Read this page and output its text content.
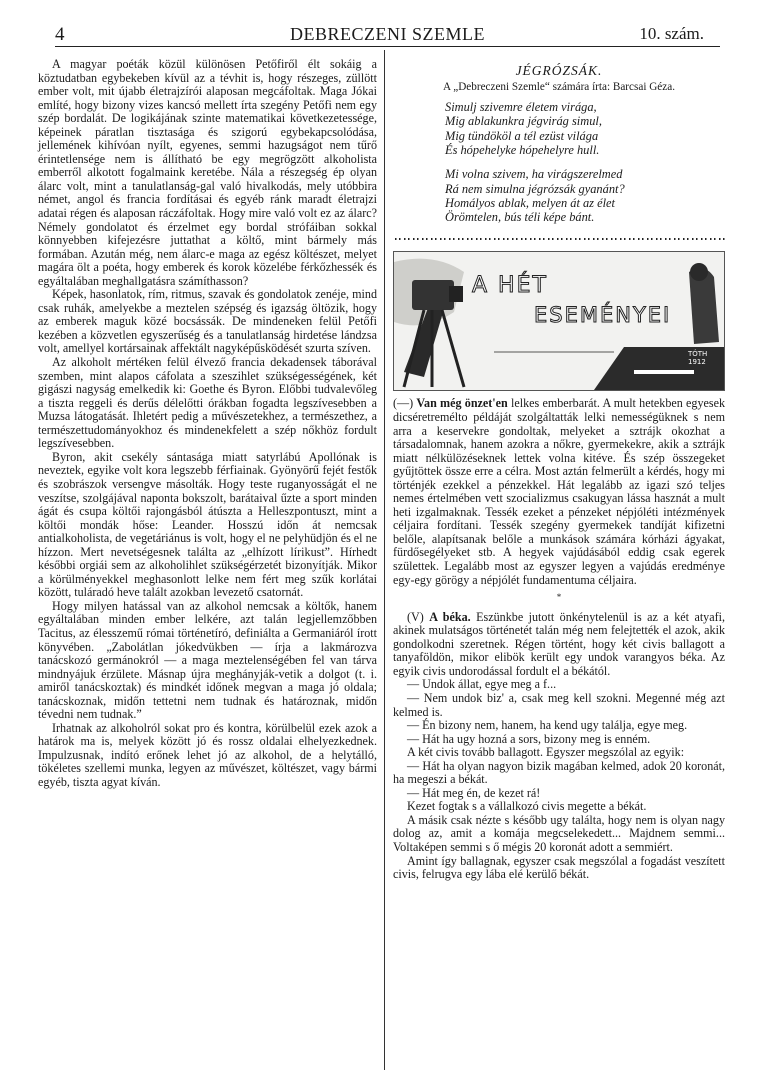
4	DEBRECZENI SZEMLE	10. szám.

A magyar poéták közül különösen Petőfiről élt sokáig a köztudatban egybekeben kívül az a tévhit is, hogy részeges, züllött ember volt, mit újabb életrajzírói alaposan megcáfoltak. Maga Jókai említé, hogy bizony vizes kancsó mellett írta szegény Petőfi nem egy szép bordalát. De logikájának szinte matematikai következetessége, képeinek páratlan tisztasága és szigorú egybekapcsolódása, jellemének kihívóan nyílt, egyenes, semmi hazugságot nem tűrő érintetlensége nem is állítható be egy megrögzött alkoholista emberről alkotott fogalmaink keretébe. Nála a részegség ép olyan álarc volt, mint a tanulatlanság-gal való hivalkodás, mely utóbbira német, angol és francia fordításai és egyéb ránk maradt életrajzi adatai régen és alaposan ráczáfoltak. Hogy mire való volt ez az álarc? Némely gondolatot és érzelmet egy bordal strófáiban sokkal könnyebben kifejezésre juttathat a költő, mint bármely más formában. Azután még, nem álarc-e maga az egész költészet, melyet magára ölt a poéta, hogy emberek és korok közelébe férkőzhessék és egyáltalában meghallgatásra számíthasson?

Képek, hasonlatok, rím, ritmus, szavak és gondolatok zenéje, mind csak ruhák, amelyekbe a meztelen szépség és igazság öltözik, hogy az emberek maguk közé bocsássák. De mindeneken felül Petőfi kezében a közvetlen egyszerűség és a tanulatlanság hirdetése lándzsa volt, amellyel kortársainak affektált nagyképűsködését szurta szíven.

Az alkoholt mértéken felül élvező francia dekadensek táborával szemben, mint alapos cáfolata a szeszihlet szükségességének, két gigászi nagyság emelkedik ki: Goethe és Byron. Előbbi tudvalevőleg a tiszta reggeli és derűs délelőtti órákban fogadta legszívesebben a Muzsa látogatását. Ihletért pedig a művészetekhez, a természethez, a természettudományokhoz és mindenekfelett a szép nőkhöz fordult legszívesebben.

Byron, akit csekély sántasága miatt satyrlábú Apollónak is neveztek, egyike volt kora legszebb férfiainak. Gyönyörű fejét festők és szobrászok versengve másolták. Hogy teste ruganyosságát el ne veszítse, szolgájával naponta bokszolt, barátaival űzte a sport minden ágát és csupa költői rajongásból átúszta a Helleszpontuszt, mint a költői mondák hőse: Leander. Hosszú időn át nemcsak antialkoholista, de vegetáriánus is volt, hogy el ne pelyhüdjön és el ne hízzon. Mert nevetségesnek találta az „elhízott lírikust”. Hírhedt későbbi orgiái sem az alkoholihlet szükségérzetét bizonyítják. Mikor a körülményekkel meghasonlott lelke nem fért meg szűk korlátai között, tuláradó heve talált azokban levezető csatornát.

Hogy milyen hatással van az alkohol nemcsak a költők, hanem egyáltalában minden ember lelkére, azt talán legjellemzőbben Tacitus, az élesszemű római történetíró, definiálta a Germaniáról írott könyvében. „Zabolátlan jókedvükben — írja a lakmározva tanácskozó germánokról — a maga meztelenségében fel van tárva mindnyájuk érzülete. Másnap újra meghányják-vetik a dolgot (t. i. amiről tanácskoztak) és mindkét időnek megvan a maga jó oldala; tanácskoznak, midőn tettetni nem tudnak és határoznak, midőn tévedni nem tudnak.”

Irhatnak az alkoholról sokat pro és kontra, körülbelül ezek azok a határok ma is, melyek között jó és rossz oldalai elhelyezkednek. Impulzusnak, indító erőnek lehet jó az alkohol, de a helytálló, tökéletes szellemi munka, legyen az művészet, költészet, vagy bármi egyéb, tiszta agyat kíván.

JÉGRÓZSÁK.
A „Debreczeni Szemle“ számára írta: Barcsai Géza.
Simulj szivemre életem virága,
Mig ablakunkra jégvirág simul,
Mig tündököl a tél ezüst világa
És hópehelyke hópehelyre hull.
Mi volna szivem, ha virágszerelmed
Rá nem simulna jégrózsák gyanánt?
Homályos ablak, melyen át az élet
Örömtelen, bús téli képe bánt.
A HÉT
ESEMÉNYEI
TÓTH 1912

(—) Van még önzet'en lelkes emberbarát. A mult hetekben egyesek dicséretremélto példáját szolgáltatták lelki nemességüknek s nem arra a keservekre gondoltak, melyeket a sztrájk okozhat a társadalomnak, hanem azokra a nőkre, gyermekekre, akik a sztrájk miatt nélkülözéseknek lettek volna kitéve. És szép összegeket gyűjtöttek össze erre a célra. Most aztán felmerült a kérdés, hogy mi történjék ezekkel a pénzekkel. Hát legalább az igazi szó teljes nemes értelmében vett szocializmus csakugyan lássa hasznát a mult heti izgalmaknak. Tessék ezeket a pénzeket népjóléti intézmények céljaira fordítani. Tessék szegény gyermekek tandíját kifizetni belőle, alapítsanak belőle a munkások számára kórházi ágyakat, fürdősegélyeket stb. A hegyek vajúdásából eddig csak egerek születtek. Legalább most az egyszer legyen a vajúdás eredménye egy-egy görögy a népjólét fundamentuma céljaira.

*

(V) A béka. Eszünkbe jutott önkénytelenül is az a két atyafi, akinek mulatságos történetét talán még nem felejtették el azok, akik gondolkodni szeretnek. Régen történt, hogy két civis ballagott a tanyaföldön, mikor elibök került egy undok varangyos béka. Az egyik civis undorodással fordult el a békától.

— Undok állat, egye meg a f...

— Nem undok biz' a, csak meg kell szokni. Megenné még azt kelmed is.

— Én bizony nem, hanem, ha kend ugy találja, egye meg.

— Hát ha ugy hozná a sors, bizony meg is enném.

A két civis tovább ballagott. Egyszer megszólal az egyik:

— Hát ha olyan nagyon bizik magában kelmed, adok 20 koronát, ha megeszi a békát.

— Hát meg én, de kezet rá!

Kezet fogtak s a vállalkozó civis megette a békát.

A másik csak nézte s később ugy találta, hogy nem is olyan nagy dolog az, amit a komája megcselekedett... Majdnem semmi... Voltaképen semmi s ő mégis 20 koronát adott a semmiért.

Amint így ballagnak, egyszer csak megszólal a fogadást veszített civis, felrugva egy lába elé kerülő békát.
